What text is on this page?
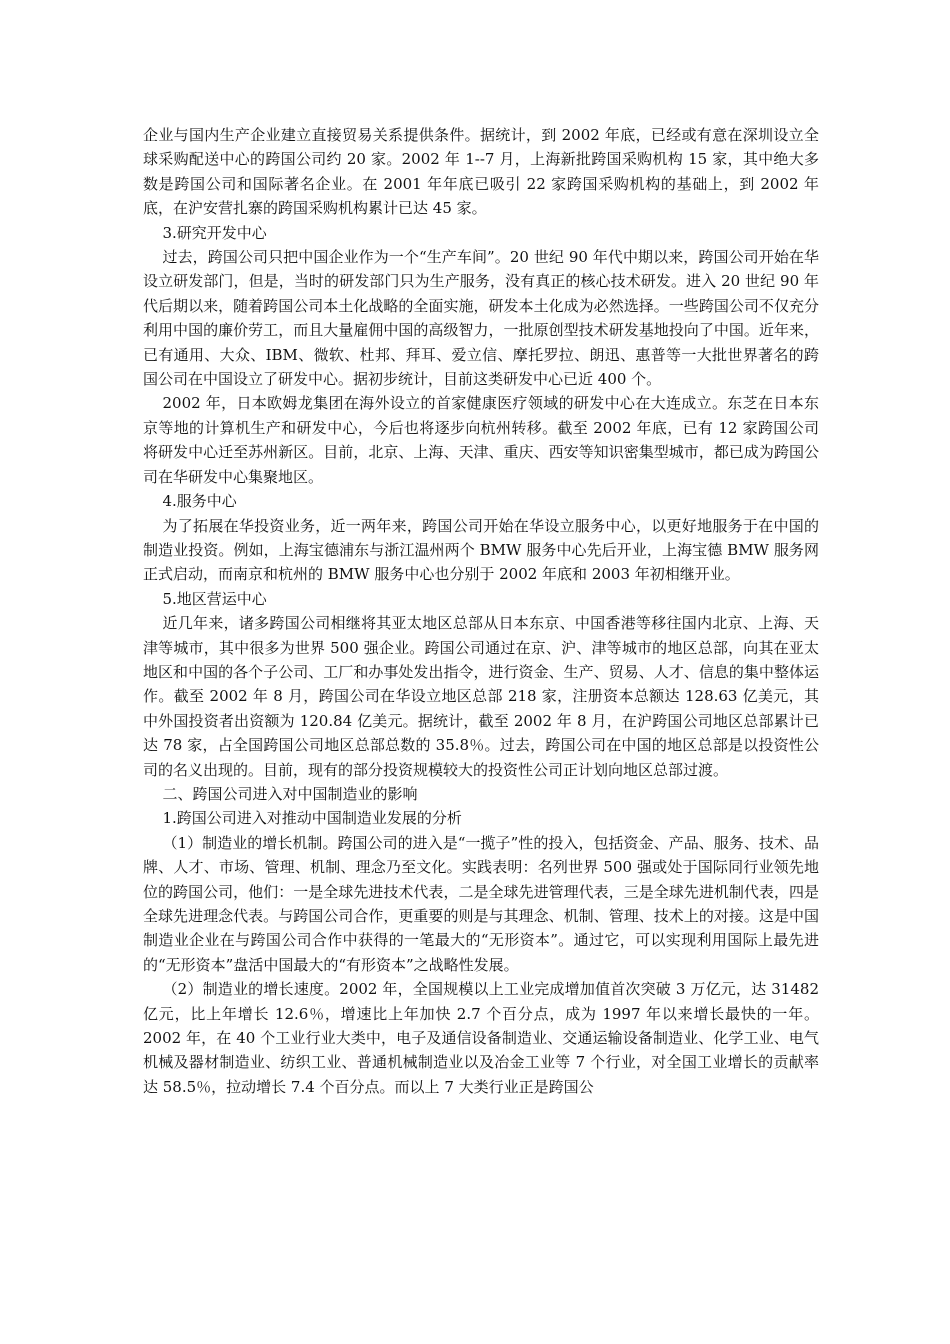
企业与国内生产企业建立直接贸易关系提供条件。据统计，到 2002 年底，已经或有意在深圳设立全球采购配送中心的跨国公司约 20 家。2002 年 1--7 月，上海新批跨国采购机构 15 家，其中绝大多数是跨国公司和国际著名企业。在 2001 年年底已吸引 22 家跨国采购机构的基础上，到 2002 年底，在沪安营扎寨的跨国采购机构累计已达 45 家。

3.研究开发中心

过去，跨国公司只把中国企业作为一个“生产车间”。20 世纪 90 年代中期以来，跨国公司开始在华设立研发部门，但是，当时的研发部门只为生产服务，没有真正的核心技术研发。进入 20 世纪 90 年代后期以来，随着跨国公司本土化战略的全面实施，研发本土化成为必然选择。一些跨国公司不仅充分利用中国的廉价劳工，而且大量雇佣中国的高级智力，一批原创型技术研发基地投向了中国。近年来，已有通用、大众、IBM、微软、杜邦、拜耳、爱立信、摩托罗拉、朗迅、惠普等一大批世界著名的跨国公司在中国设立了研发中心。据初步统计，目前这类研发中心已近 400 个。

2002 年，日本欧姆龙集团在海外设立的首家健康医疗领域的研发中心在大连成立。东芝在日本东京等地的计算机生产和研发中心，今后也将逐步向杭州转移。截至 2002 年底，已有 12 家跨国公司将研发中心迁至苏州新区。目前，北京、上海、天津、重庆、西安等知识密集型城市，都已成为跨国公司在华研发中心集聚地区。

4.服务中心

为了拓展在华投资业务，近一两年来，跨国公司开始在华设立服务中心，以更好地服务于在中国的制造业投资。例如，上海宝德浦东与浙江温州两个 BMW 服务中心先后开业，上海宝德 BMW 服务网正式启动，而南京和杭州的 BMW 服务中心也分别于 2002 年底和 2003 年初相继开业。

5.地区营运中心

近几年来，诸多跨国公司相继将其亚太地区总部从日本东京、中国香港等移往国内北京、上海、天津等城市，其中很多为世界 500 强企业。跨国公司通过在京、沪、津等城市的地区总部，向其在亚太地区和中国的各个子公司、工厂和办事处发出指令，进行资金、生产、贸易、人才、信息的集中整体运作。截至 2002 年 8 月，跨国公司在华设立地区总部 218 家，注册资本总额达 128.63 亿美元，其中外国投资者出资额为 120.84 亿美元。据统计，截至 2002 年 8 月，在沪跨国公司地区总部累计已达 78 家，占全国跨国公司地区总部总数的 35.8％。过去，跨国公司在中国的地区总部是以投资性公司的名义出现的。目前，现有的部分投资规模较大的投资性公司正计划向地区总部过渡。

二、跨国公司进入对中国制造业的影响

1.跨国公司进入对推动中国制造业发展的分析

（1）制造业的增长机制。跨国公司的进入是“一揽子”性的投入，包括资金、产品、服务、技术、品牌、人才、市场、管理、机制、理念乃至文化。实践表明：名列世界 500 强或处于国际同行业领先地位的跨国公司，他们：一是全球先进技术代表，二是全球先进管理代表，三是全球先进机制代表，四是全球先进理念代表。与跨国公司合作，更重要的则是与其理念、机制、管理、技术上的对接。这是中国制造业企业在与跨国公司合作中获得的一笔最大的“无形资本”。通过它，可以实现利用国际上最先进的“无形资本”盘活中国最大的“有形资本”之战略性发展。

（2）制造业的增长速度。2002 年，全国规模以上工业完成增加值首次突破 3 万亿元，达 31482 亿元，比上年增长 12.6％，增速比上年加快 2.7 个百分点，成为 1997 年以来增长最快的一年。2002 年，在 40 个工业行业大类中，电子及通信设备制造业、交通运输设备制造业、化学工业、电气机械及器材制造业、纺织工业、普通机械制造业以及冶金工业等 7 个行业，对全国工业增长的贡献率达 58.5％，拉动增长 7.4 个百分点。而以上 7 大类行业正是跨国公
